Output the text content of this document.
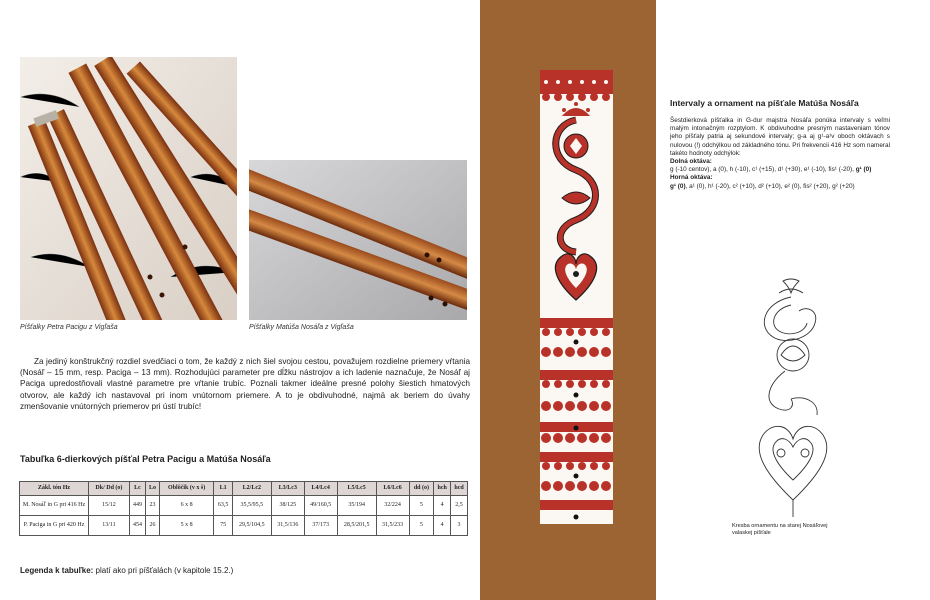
Píšťalky Petra Pacigu z Vigľaša	Píšťalky Matúša Nosáľa z Vigľaša
Za jediný konštrukčný rozdiel svedčiaci o tom, že každý z nich šiel svojou cestou, považujem rozdielne priemery vŕtania (Nosáľ – 15 mm, resp. Paciga – 13 mm). Rozhodujúci parameter pre dĺžku nástrojov a ich ladenie naznačuje, že Nosáľ aj Paciga upredostňovali vlastné parametre pre vŕtanie trubíc. Poznali takmer ideálne presné polohy šiestich hmatových otvorov, ale každý ich nastavoval pri inom vnútornom priemere. A to je obdivuhodné, najmä ak beriem do úvahy zmenšovanie vnútorných priemerov pri ústí trubíc!
Tabuľka 6-dierkových píšťal Petra Pacigu a Matúša Nosáľa
Zákl. tón Hz	Dk/ Dd (o)	Lc	Lo	Oblôčik (v x š)	L1	L2/Lc2	L3/Lc3	L4/Lc4	L5/Lc5	L6/Lc6	dd (o)	hch	hcd
M. Nosáľ in G pri 416 Hz	15/12	449	23	6 x 8	63,5	35,5/95,5	38/125	49/160,5	35/194	32/224	5	4	2,5
P. Paciga in G pri 420 Hz	13/11	454	26	5 x 8	75	29,5/104,5	31,5/136	37/173	28,5/201,5	31,5/233	5	4	3
Legenda k tabuľke: platí ako pri píšťalách (v kapitole 15.2.)
Intervaly a ornament na píšťale Matúša Nosáľa

Šestdierková píšťalka in G-dur majstra Nosáľa ponúka intervaly s veľmi malým intonačným rozptylom. K obdivuhodne presným nastaveniam tónov jeho píšťaly patria aj sekundové intervaly; g-a aj g¹-a¹v oboch oktávach s nulovou (!) odchýlkou od základného tónu. Pri frekvencii 416 Hz som nameral takéto hodnoty odchýlok:

Dolná oktáva:

g (-10 centov), a (0), h (-10), c¹ (+15), d¹ (+30), e¹ (-10), fis¹ (-20), g¹ (0)

Horná oktáva:

g¹ (0), a¹ (0), h¹ (-20), c² (+10), d² (+10), e² (0), fis² (+20), g² (+20)

Kresba ornamentu na starej Nosáľovej valaskej píšťale
